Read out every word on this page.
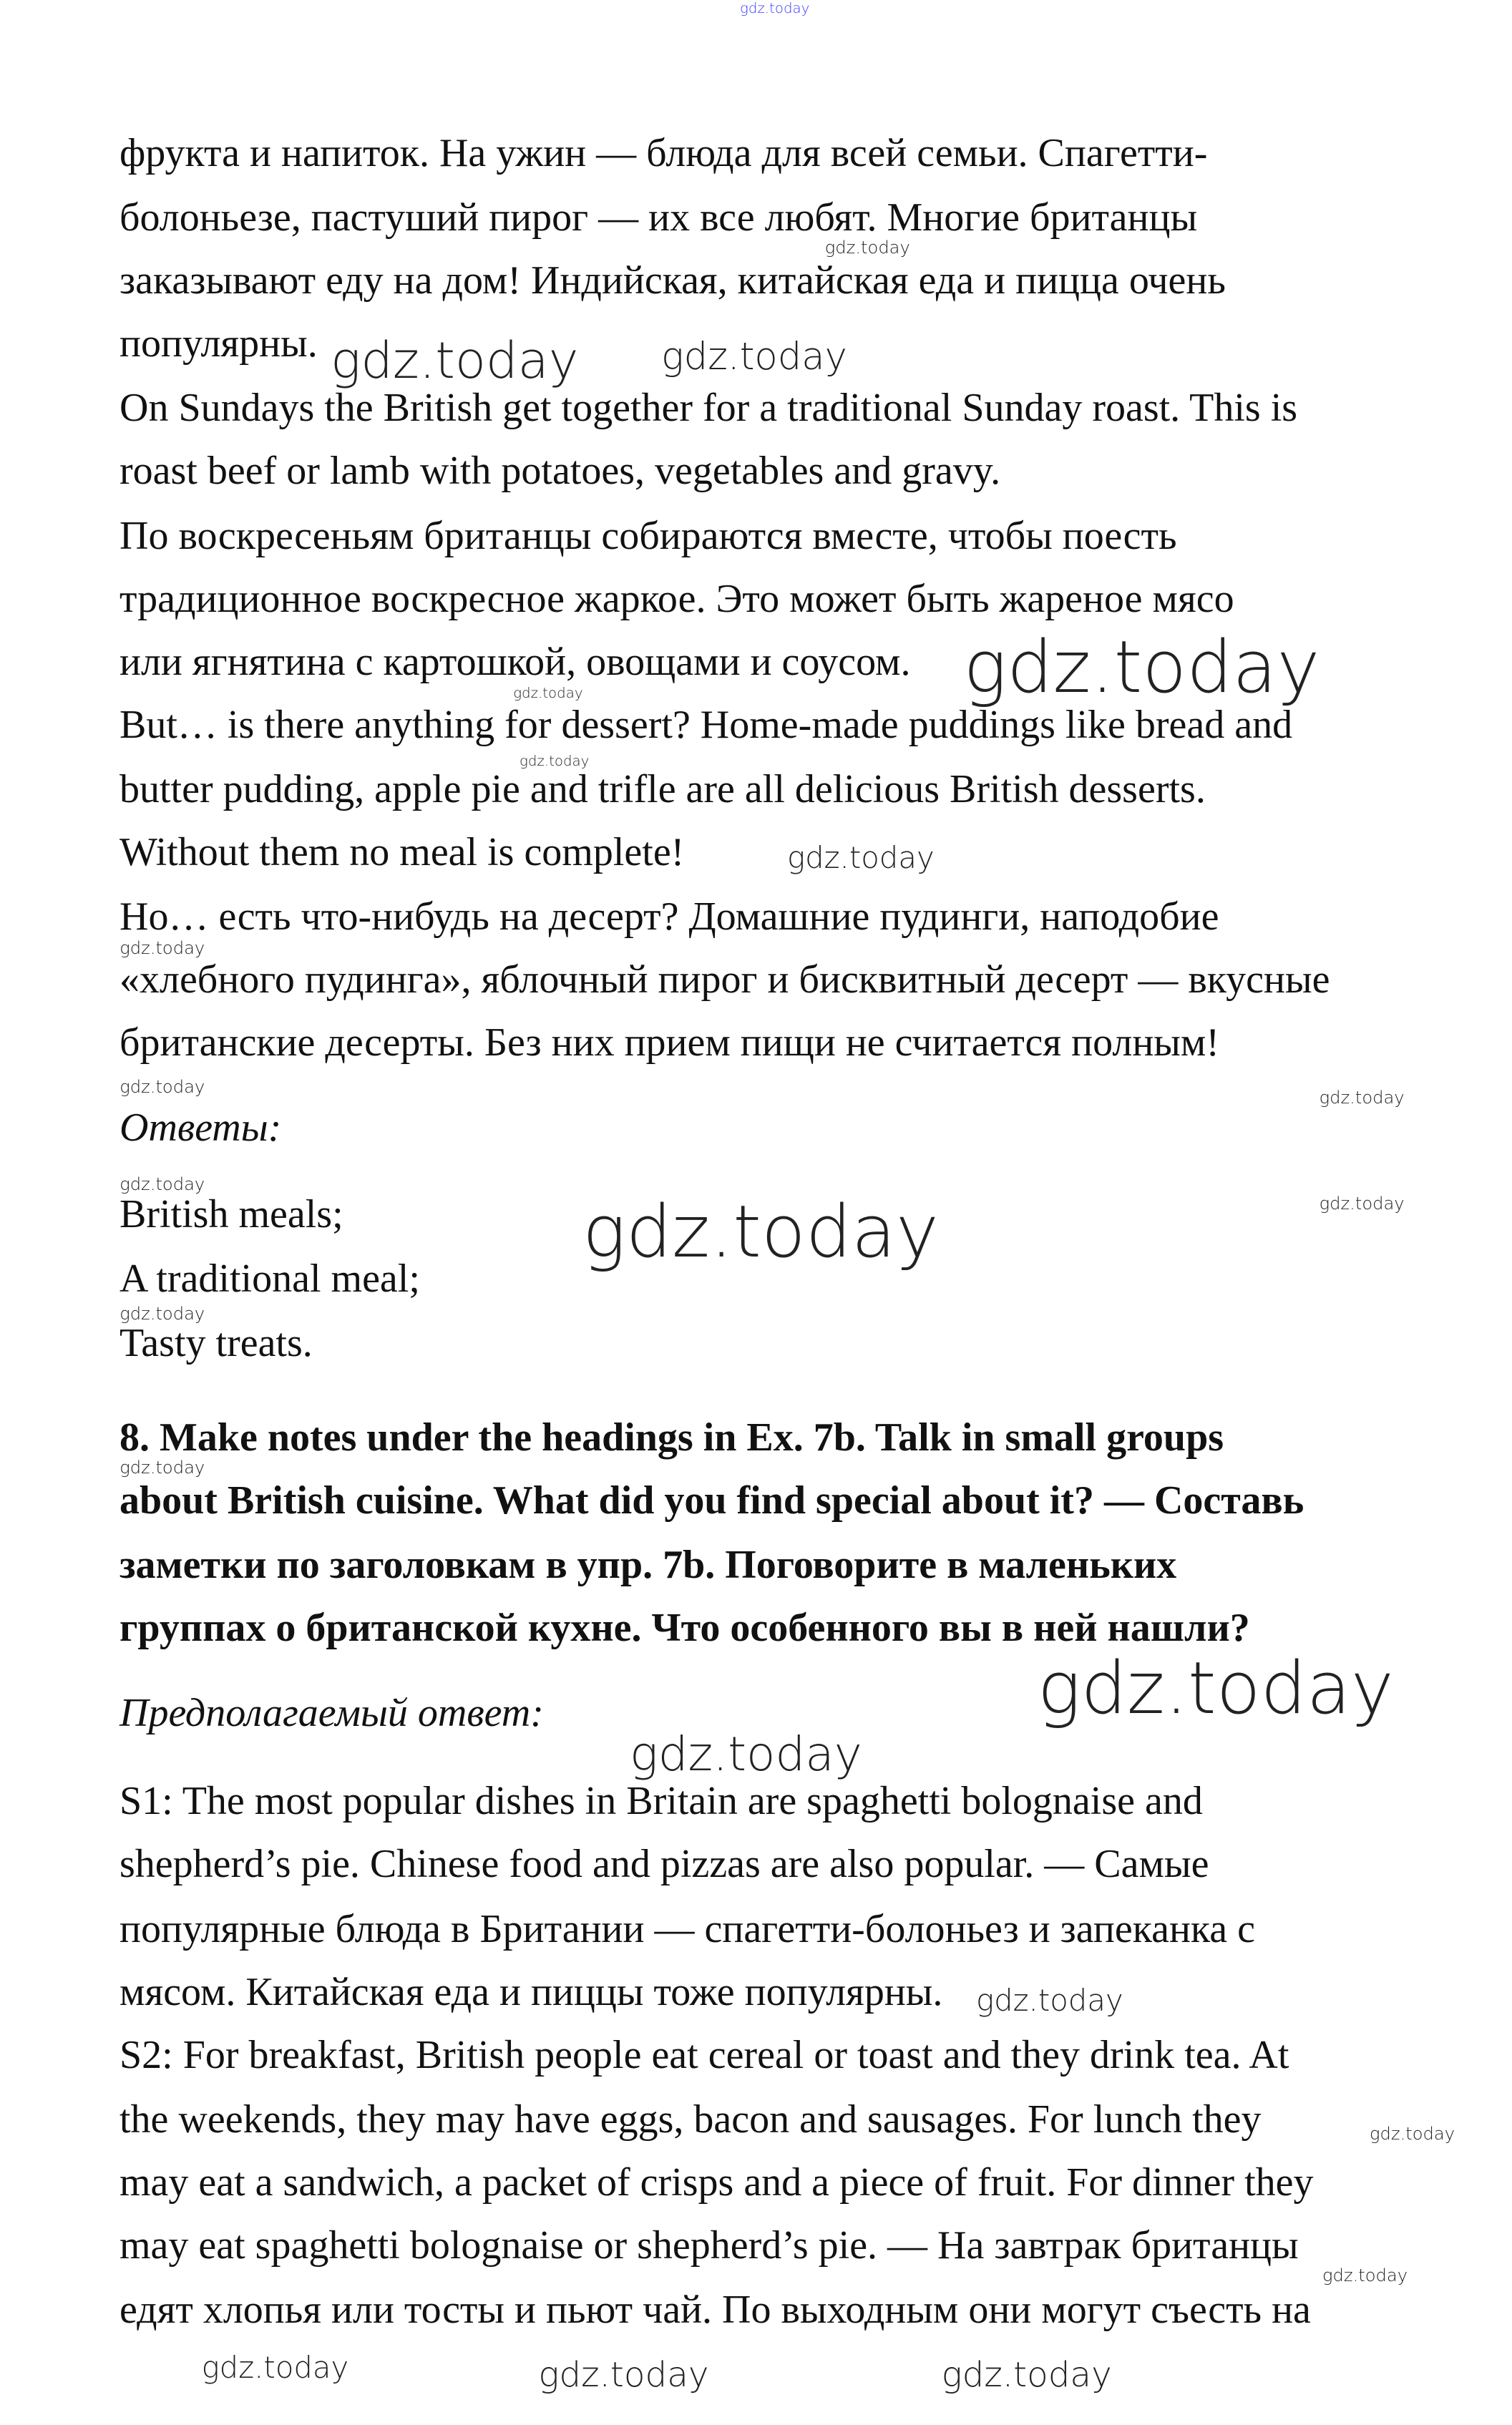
фрукта и напиток. На ужин — блюда для всей семьи. Спагетти-
болоньезе, пастуший пирог — их все любят. Многие британцы
заказывают еду на дом! Индийская, китайская еда и пицца очень
популярны.
On Sundays the British get together for a traditional Sunday roast. This is
roast beef or lamb with potatoes, vegetables and gravy.
По воскресеньям британцы собираются вместе, чтобы поесть
традиционное воскресное жаркое. Это может быть жареное мясо
или ягнятина с картошкой, овощами и соусом.
But… is there anything for dessert? Home-made puddings like bread and
butter pudding, apple pie and trifle are all delicious British desserts.
Without them no meal is complete!
Но… есть что-нибудь на десерт? Домашние пудинги, наподобие
«хлебного пудинга», яблочный пирог и бисквитный десерт — вкусные
британские десерты. Без них прием пищи не считается полным!
Ответы:
British meals;
A traditional meal;
Tasty treats.
8. Make notes under the headings in Ex. 7b. Talk in small groups
about British cuisine. What did you find special about it? — Составь
заметки по заголовкам в упр. 7b. Поговорите в маленьких
группах о британской кухне. Что особенного вы в ней нашли?
Предполагаемый ответ:
S1: The most popular dishes in Britain are spaghetti bolognaise and
shepherd’s pie. Chinese food and pizzas are also popular. — Самые
популярные блюда в Британии — спагетти-болоньез и запеканка с
мясом. Китайская еда и пиццы тоже популярны.
S2: For breakfast, British people eat cereal or toast and they drink tea. At
the weekends, they may have eggs, bacon and sausages. For lunch they
may eat a sandwich, a packet of crisps and a piece of fruit. For dinner they
may eat spaghetti bolognaise or shepherd’s pie. — На завтрак британцы
едят хлопья или тосты и пьют чай. По выходным они могут съесть на
gdz.today
gdz.today
gdz.today
gdz.today
gdz.today
gdz.today
gdz.today
gdz.today
gdz.today
gdz.today
gdz.today
gdz.today
gdz.today	gdz.today
gdz.today
gdz.today
gdz.today
gdz.today
gdz.today
gdz.today
gdz.today	gdz.today	gdz.today
gdz.today
